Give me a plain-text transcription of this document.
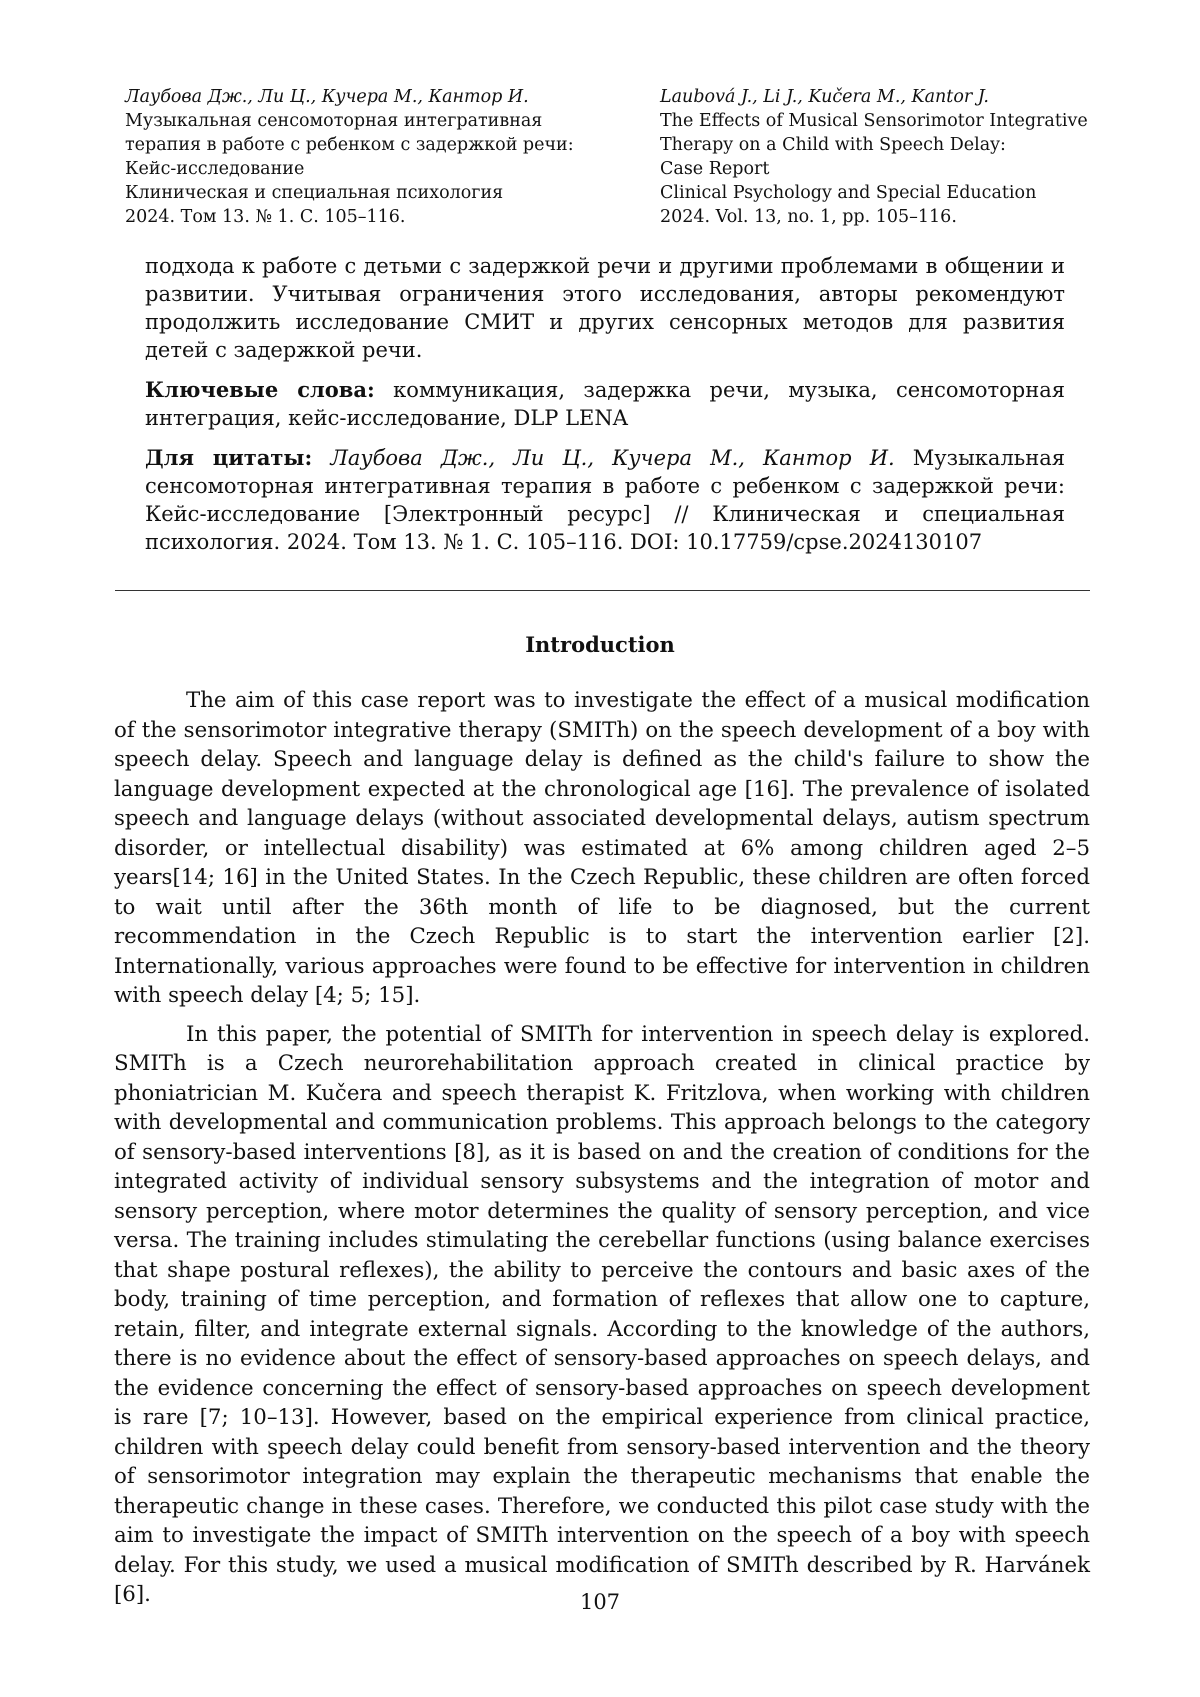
Лаубова Дж., Ли Ц., Кучера М., Кантор И.
Музыкальная сенсомоторная интегративная
терапия в работе с ребенком с задержкой речи:
Кейс-исследование
Клиническая и специальная психология
2024. Том 13. № 1. С. 105–116.
Laubová J., Li J., Kučera M., Kantor J.
The Effects of Musical Sensorimotor Integrative
Therapy on a Child with Speech Delay:
Case Report
Clinical Psychology and Special Education
2024. Vol. 13, no. 1, pp. 105–116.

подхода к работе с детьми с задержкой речи и другими проблемами в общении и развитии. Учитывая ограничения этого исследования, авторы рекомендуют продолжить исследование СМИТ и других сенсорных методов для развития детей с задержкой речи.

Ключевые слова: коммуникация, задержка речи, музыка, сенсомоторная интеграция, кейс-исследование, DLP LENA

Для цитаты: Лаубова Дж., Ли Ц., Кучера М., Кантор И. Музыкальная сенсомоторная интегративная терапия в работе с ребенком с задержкой речи: Кейс-исследование [Электронный ресурс] // Клиническая и специальная психология. 2024. Том 13. № 1. С. 105–116. DOI: 10.17759/cpse.2024130107

Introduction

The aim of this case report was to investigate the effect of a musical modification of the sensorimotor integrative therapy (SMITh) on the speech development of a boy with speech delay. Speech and language delay is defined as the child's failure to show the language development expected at the chronological age [16]. The prevalence of isolated speech and language delays (without associated developmental delays, autism spectrum disorder, or intellectual disability) was estimated at 6% among children aged 2–5 years[14; 16] in the United States. In the Czech Republic, these children are often forced to wait until after the 36th month of life to be diagnosed, but the current recommendation in the Czech Republic is to start the intervention earlier [2]. Internationally, various approaches were found to be effective for intervention in children with speech delay [4; 5; 15].

In this paper, the potential of SMITh for intervention in speech delay is explored. SMITh is a Czech neurorehabilitation approach created in clinical practice by phoniatrician M. Kučera and speech therapist K. Fritzlova, when working with children with developmental and communication problems. This approach belongs to the category of sensory-based interventions [8], as it is based on and the creation of conditions for the integrated activity of individual sensory subsystems and the integration of motor and sensory perception, where motor determines the quality of sensory perception, and vice versa. The training includes stimulating the cerebellar functions (using balance exercises that shape postural reflexes), the ability to perceive the contours and basic axes of the body, training of time perception, and formation of reflexes that allow one to capture, retain, filter, and integrate external signals. According to the knowledge of the authors, there is no evidence about the effect of sensory-based approaches on speech delays, and the evidence concerning the effect of sensory-based approaches on speech development is rare [7; 10–13]. However, based on the empirical experience from clinical practice, children with speech delay could benefit from sensory-based intervention and the theory of sensorimotor integration may explain the therapeutic mechanisms that enable the therapeutic change in these cases. Therefore, we conducted this pilot case study with the aim to investigate the impact of SMITh intervention on the speech of a boy with speech delay. For this study, we used a musical modification of SMITh described by R. Harvánek [6].	107
